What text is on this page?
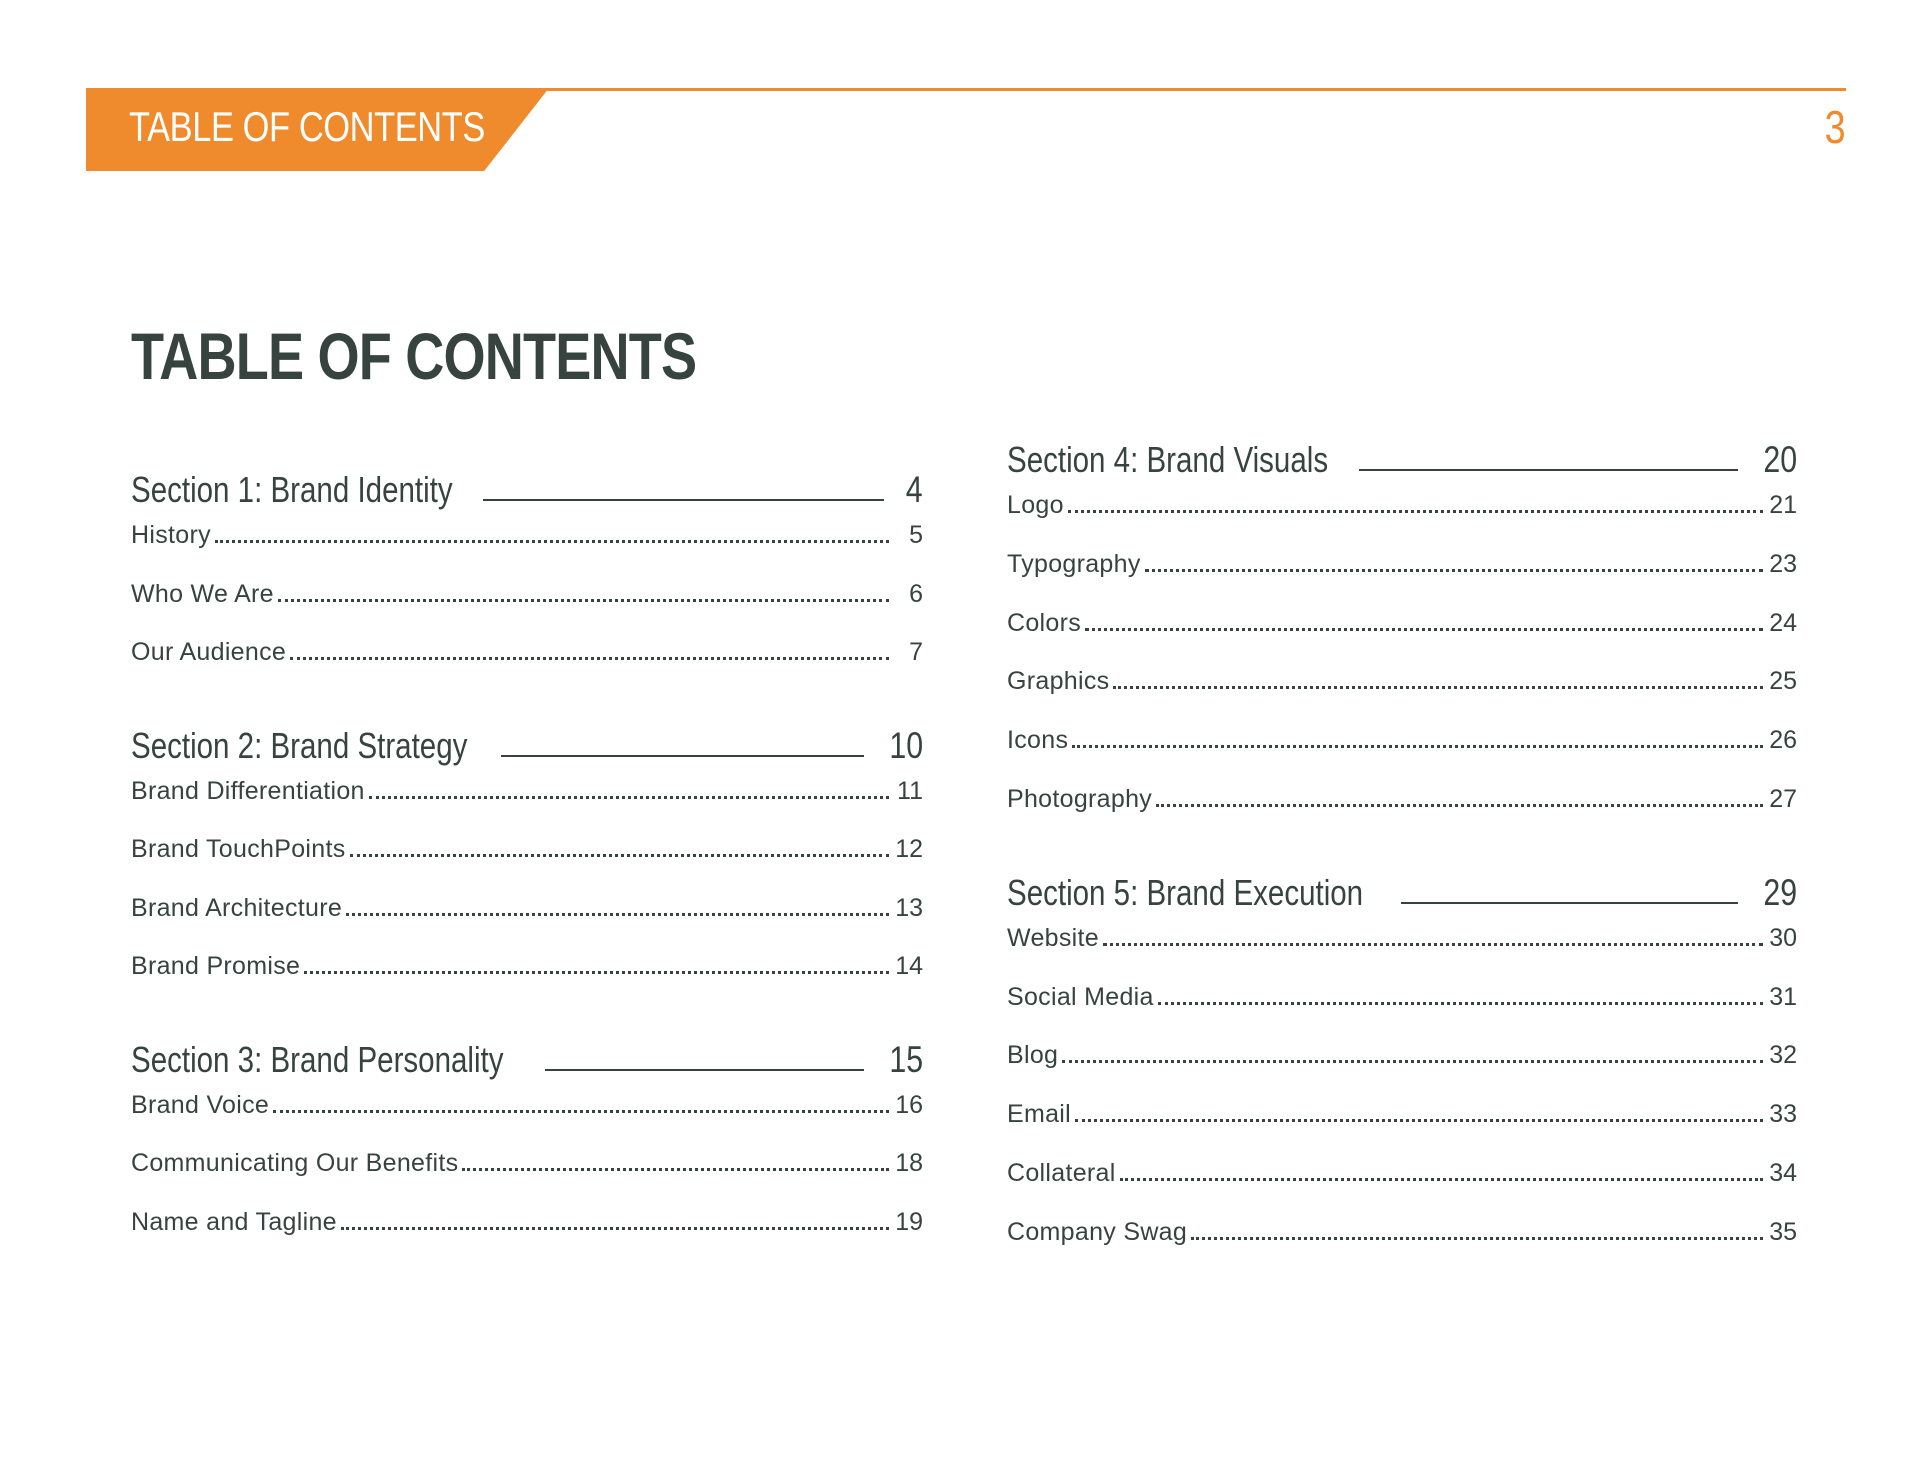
TABLE OF CONTENTS	3
TABLE OF CONTENTS
Section 1: Brand Identity	4
History	5
Who We Are	6
Our Audience	7
Section 2: Brand Strategy	10
Brand Differentiation	11
Brand TouchPoints	12
Brand Architecture	13
Brand Promise	14
Section 3: Brand Personality	15
Brand Voice	16
Communicating Our Benefits	18
Name and Tagline	19
Section 4: Brand Visuals	20
Logo	21
Typography	23
Colors	24
Graphics	25
Icons	26
Photography	27
Section 5: Brand Execution	29
Website	30
Social Media	31
Blog	32
Email	33
Collateral	34
Company Swag	35
